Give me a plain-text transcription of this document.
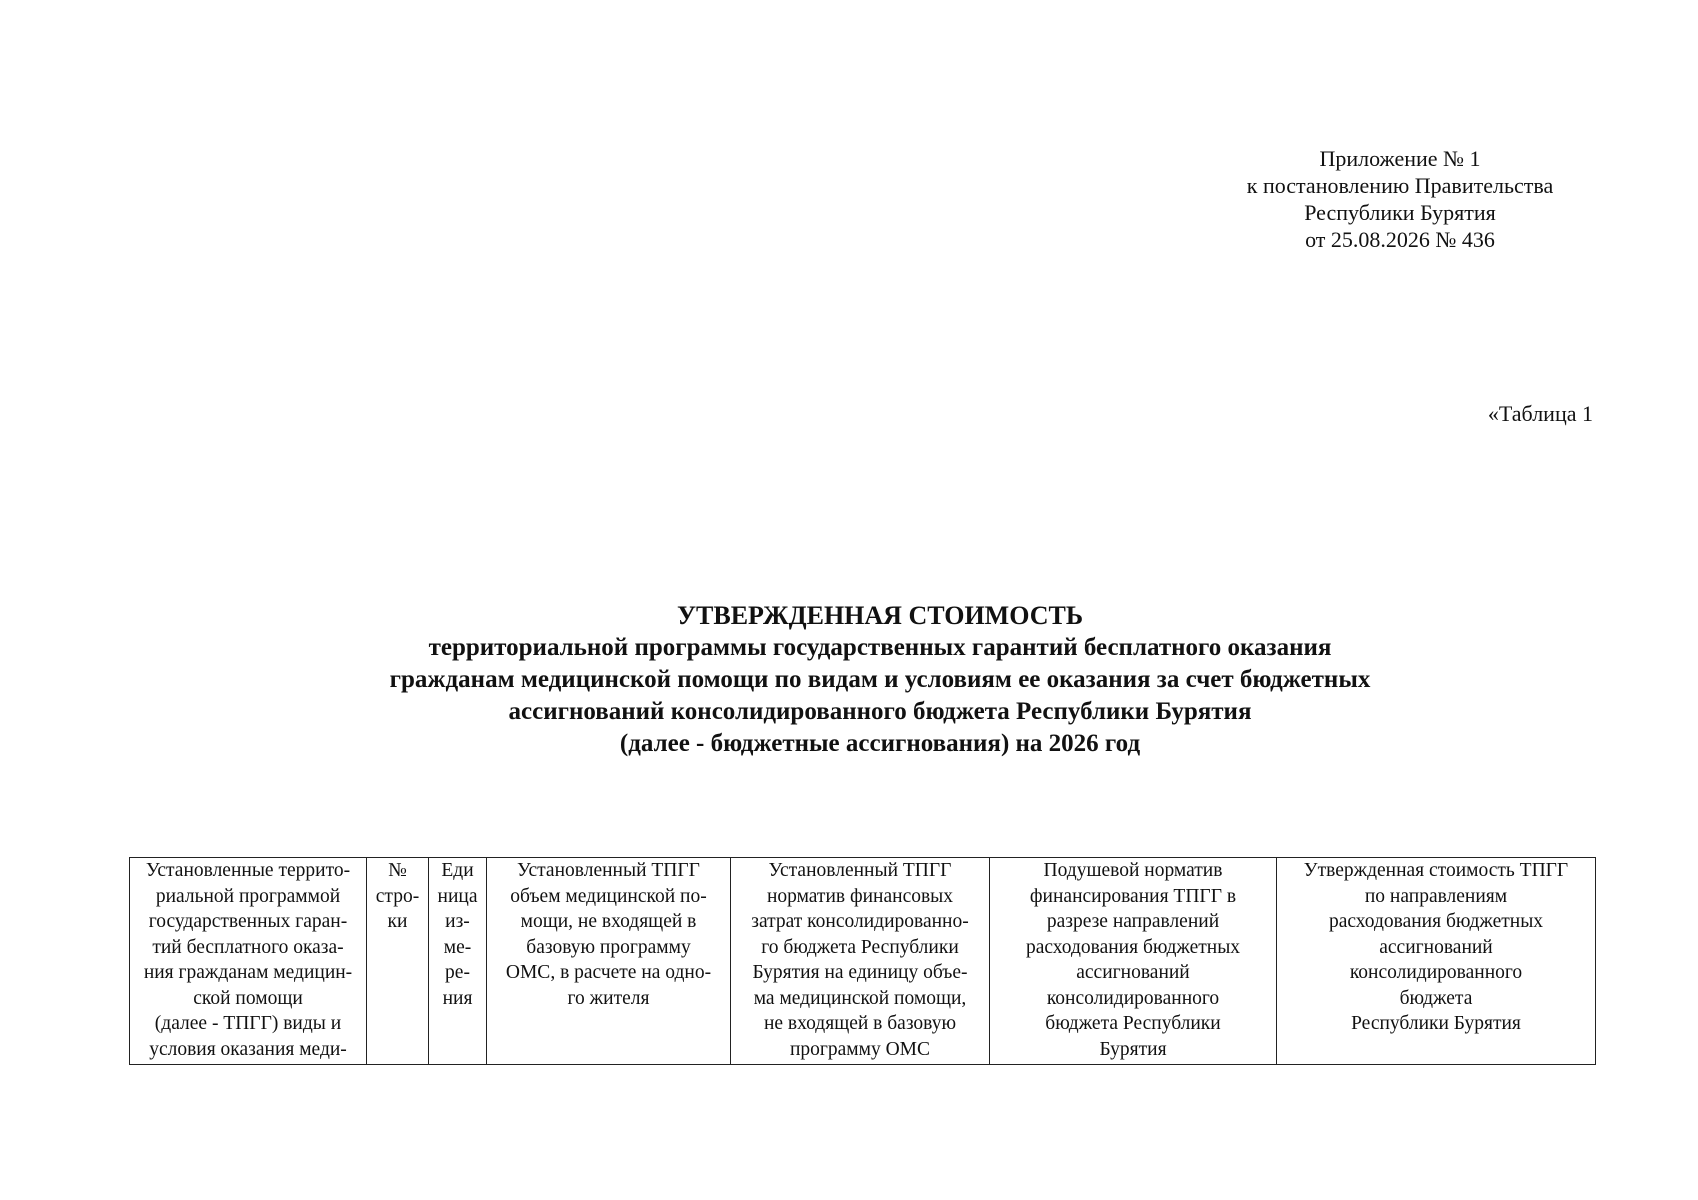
Приложение № 1
к постановлению Правительства
Республики Бурятия
от 25.08.2026 № 436
«Таблица 1
УТВЕРЖДЕННАЯ СТОИМОСТЬ
территориальной программы государственных гарантий бесплатного оказания
гражданам медицинской помощи по видам и условиям ее оказания за счет бюджетных
ассигнований консолидированного бюджета Республики Бурятия
(далее - бюджетные ассигнования) на 2026 год
Установленные террито-
риальной программой
государственных гаран-
тий бесплатного оказа-
ния гражданам медицин-
ской помощи
(далее - ТПГГ) виды и
условия оказания меди-

№
стро-
ки

Еди
ница
из-
ме-
ре-
ния

Установленный ТПГГ
объем медицинской по-
мощи, не входящей в
базовую программу
ОМС, в расчете на одно-
го жителя

Установленный ТПГГ
норматив финансовых
затрат консолидированно-
го бюджета Республики
Бурятия на единицу объе-
ма медицинской помощи,
не входящей в базовую
программу ОМС

Подушевой норматив
финансирования ТПГГ в
разрезе направлений
расходования бюджетных
ассигнований
консолидированного
бюджета Республики
Бурятия

Утвержденная стоимость ТПГГ
по направлениям
расходования бюджетных
ассигнований
консолидированного
бюджета
Республики Бурятия
